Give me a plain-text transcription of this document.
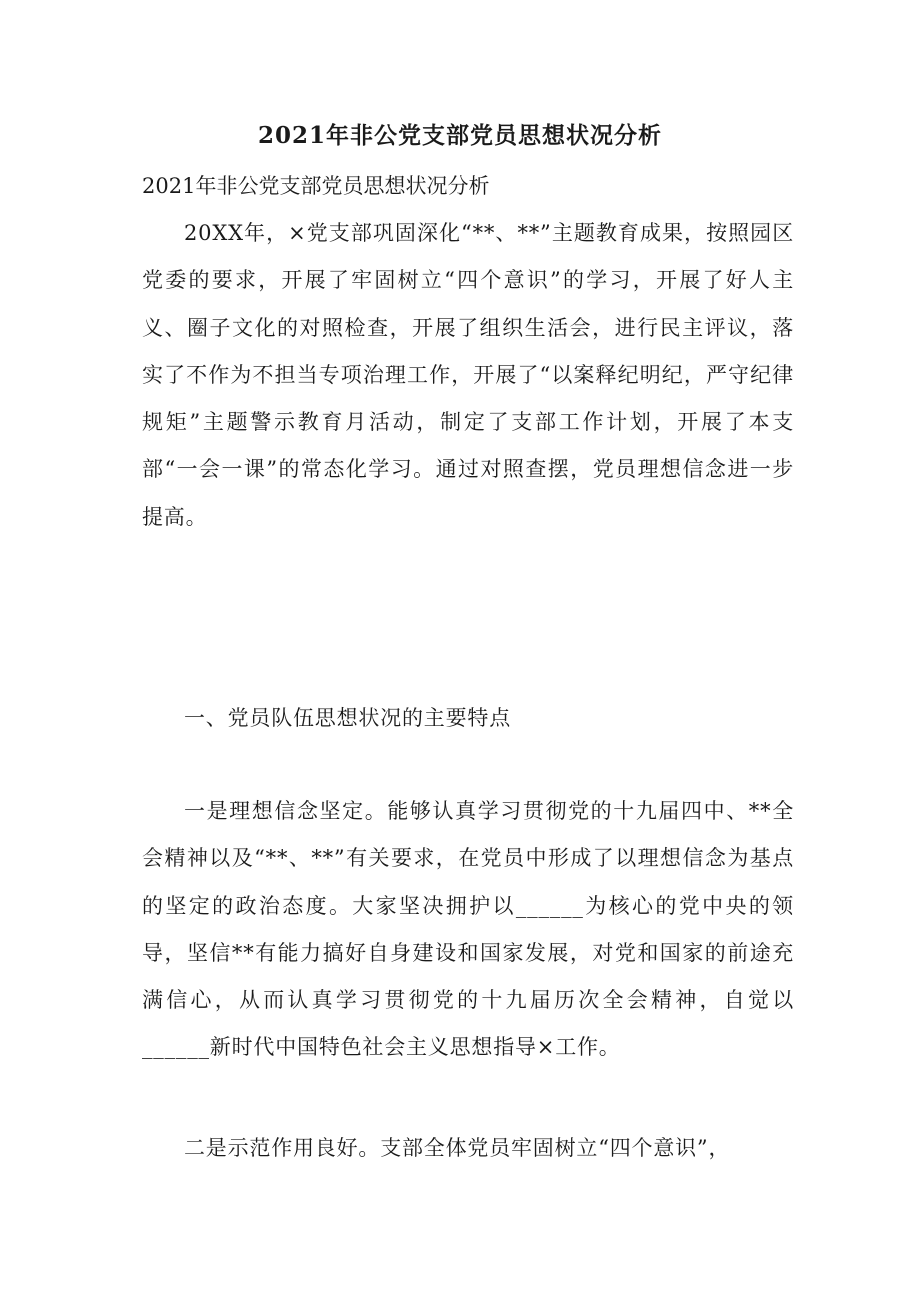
2021年非公党支部党员思想状况分析

2021年非公党支部党员思想状况分析

20XX年，×党支部巩固深化“**、**”主题教育成果，按照园区党委的要求，开展了牢固树立“四个意识”的学习，开展了好人主义、圈子文化的对照检查，开展了组织生活会，进行民主评议，落实了不作为不担当专项治理工作，开展了“以案释纪明纪，严守纪律规矩”主题警示教育月活动，制定了支部工作计划，开展了本支部“一会一课”的常态化学习。通过对照查摆，党员理想信念进一步提高。

一、党员队伍思想状况的主要特点

一是理想信念坚定。能够认真学习贯彻党的十九届四中、**全会精神以及“**、**”有关要求，在党员中形成了以理想信念为基点的坚定的政治态度。大家坚决拥护以______为核心的党中央的领导，坚信**有能力搞好自身建设和国家发展，对党和国家的前途充满信心，从而认真学习贯彻党的十九届历次全会精神，自觉以______新时代中国特色社会主义思想指导×工作。

二是示范作用良好。支部全体党员牢固树立“四个意识”，
